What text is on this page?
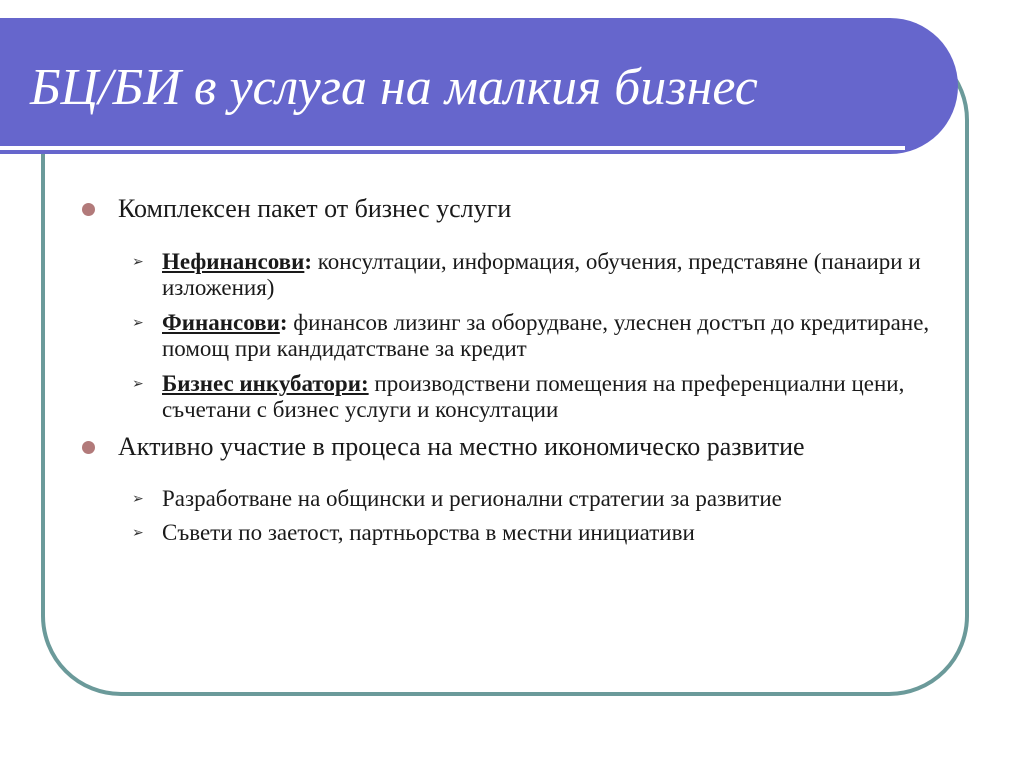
БЦ/БИ в услуга на малкия бизнес
Комплексен пакет от бизнес услуги
➢ Нефинансови: консултации, информация, обучения, представяне (панаири и изложения)
➢ Финансови: финансов лизинг за оборудване, улеснен достъп до кредитиране, помощ при кандидатстване за кредит
➢ Бизнес инкубатори: производствени помещения на преференциални цени, съчетани с бизнес услуги и консултации
Активно участие в процеса на местно икономическо развитие
➢ Разработване на общински и регионални стратегии за развитие
➢ Съвети по заетост, партньорства в местни инициативи
